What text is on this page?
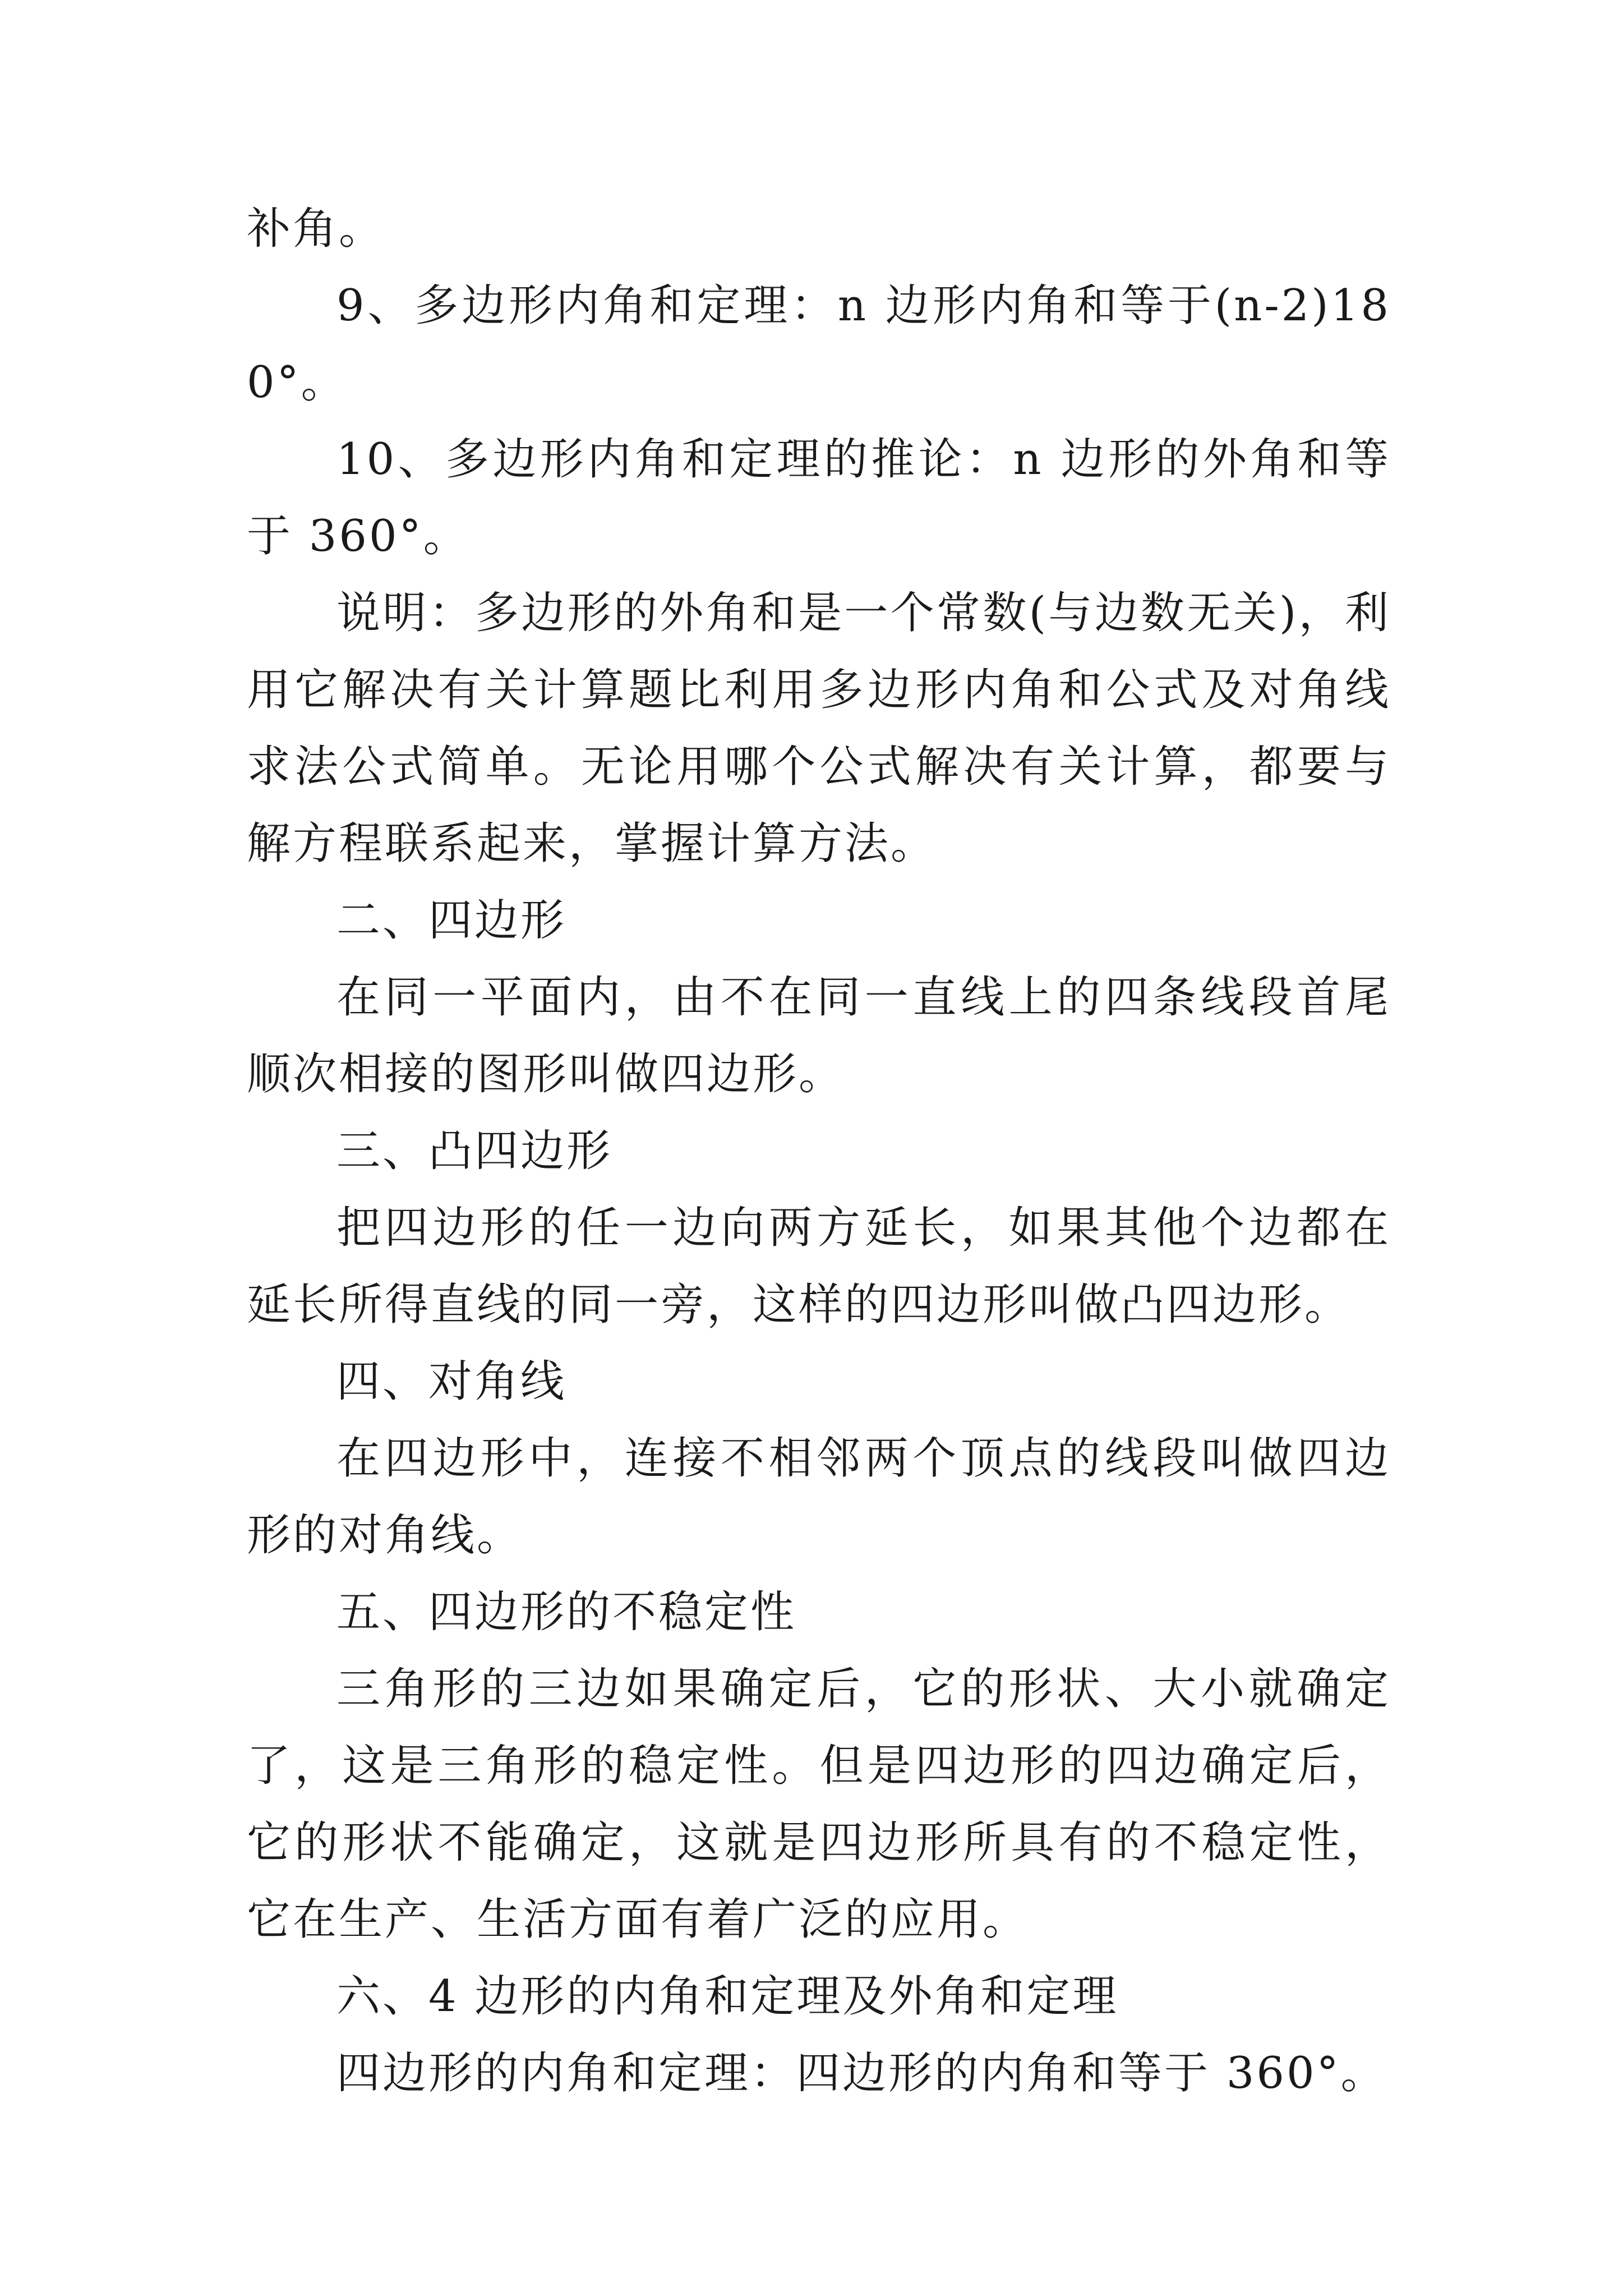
补角。

9、多边形内角和定理：n 边形内角和等于(n-2)180°。

10、多边形内角和定理的推论：n 边形的外角和等于 360°。

说明：多边形的外角和是一个常数(与边数无关)，利用它解决有关计算题比利用多边形内角和公式及对角线求法公式简单。无论用哪个公式解决有关计算，都要与解方程联系起来，掌握计算方法。

二、四边形

在同一平面内，由不在同一直线上的四条线段首尾顺次相接的图形叫做四边形。

三、凸四边形

把四边形的任一边向两方延长，如果其他个边都在延长所得直线的同一旁，这样的四边形叫做凸四边形。

四、对角线

在四边形中，连接不相邻两个顶点的线段叫做四边形的对角线。

五、四边形的不稳定性

三角形的三边如果确定后，它的形状、大小就确定了，这是三角形的稳定性。但是四边形的四边确定后，它的形状不能确定，这就是四边形所具有的不稳定性，它在生产、生活方面有着广泛的应用。

六、4 边形的内角和定理及外角和定理

四边形的内角和定理：四边形的内角和等于 360°。
